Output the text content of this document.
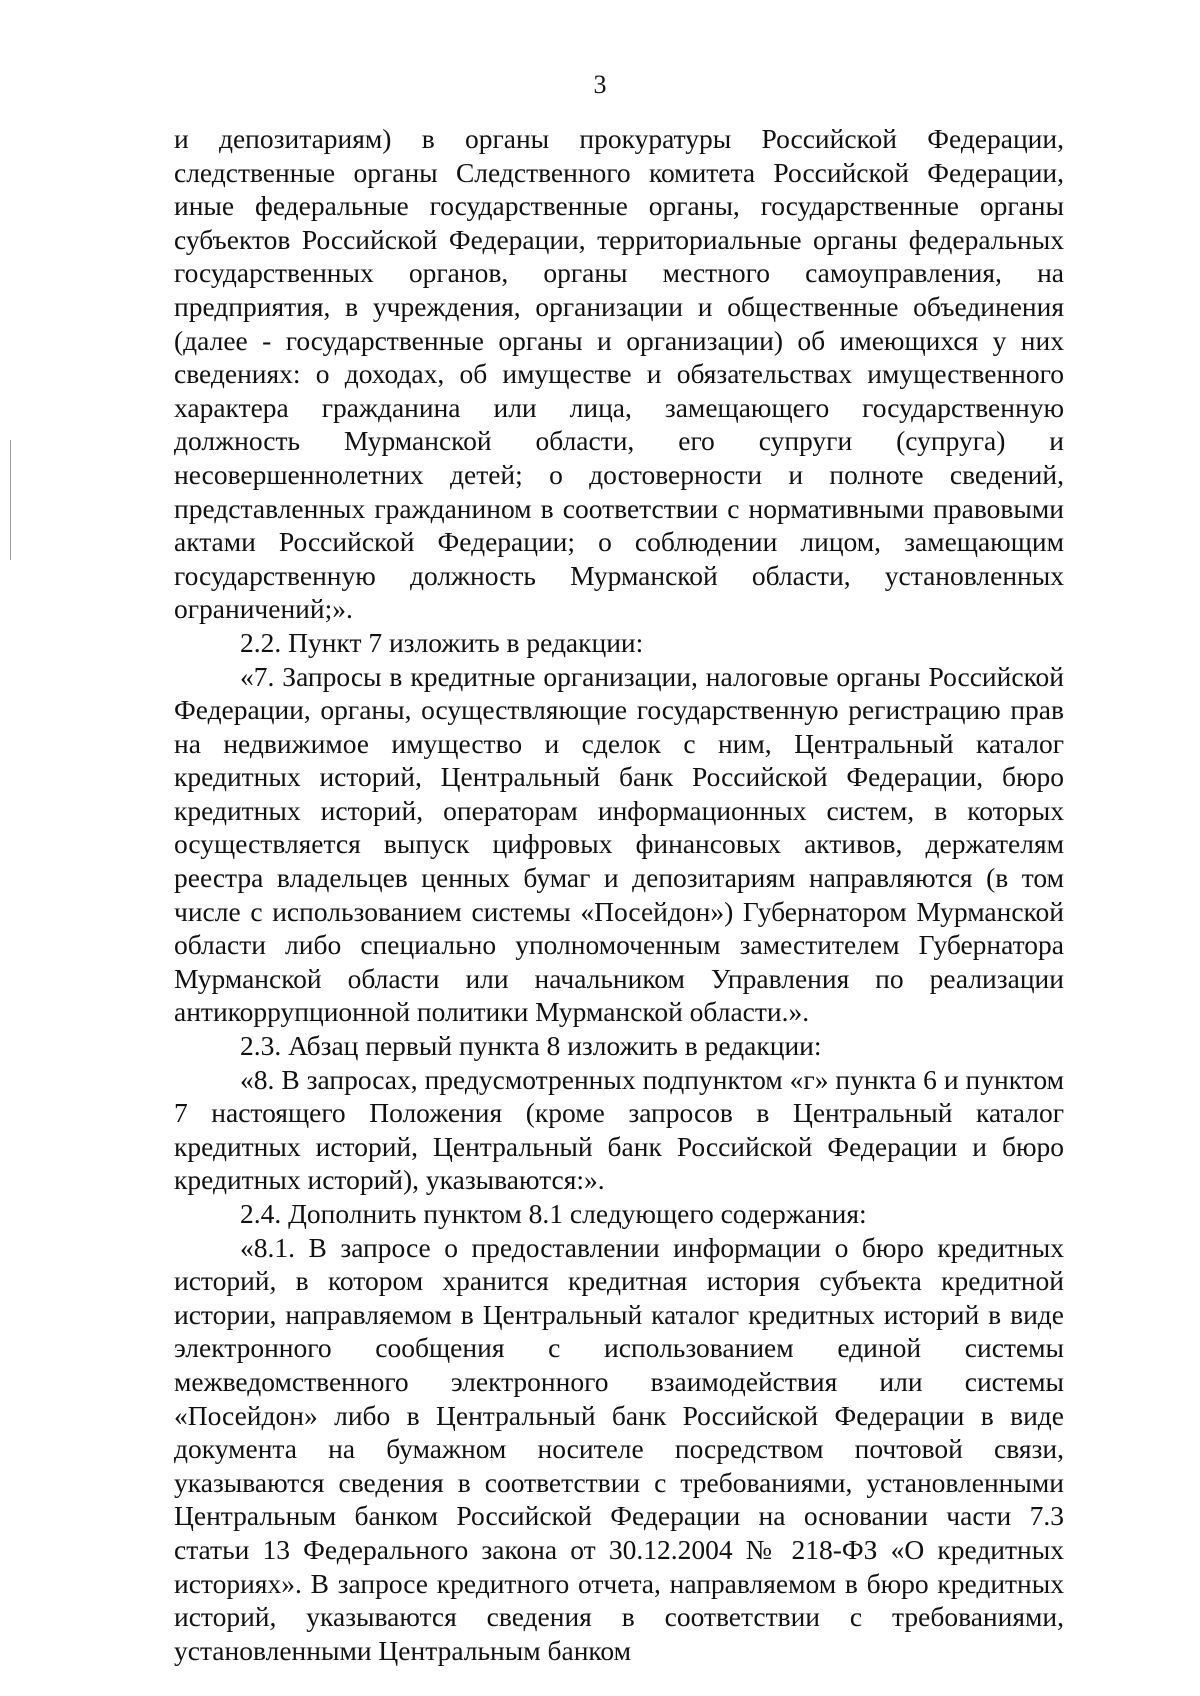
3

и депозитариям) в органы прокуратуры Российской Федерации, следственные органы Следственного комитета Российской Федерации, иные федеральные государственные органы, государственные органы субъектов Российской Федерации, территориальные органы федеральных государственных органов, органы местного самоуправления, на предприятия, в учреждения, организации и общественные объединения (далее - государственные органы и организации) об имеющихся у них сведениях: о доходах, об имуществе и обязательствах имущественного характера гражданина или лица, замещающего государственную должность Мурманской области, его супруги (супруга) и несовершеннолетних детей; о достоверности и полноте сведений, представленных гражданином в соответствии с нормативными правовыми актами Российской Федерации; о соблюдении лицом, замещающим государственную должность Мурманской области, установленных ограничений;».

2.2. Пункт 7 изложить в редакции:

«7. Запросы в кредитные организации, налоговые органы Российской Федерации, органы, осуществляющие государственную регистрацию прав на недвижимое имущество и сделок с ним, Центральный каталог кредитных историй, Центральный банк Российской Федерации, бюро кредитных историй, операторам информационных систем, в которых осуществляется выпуск цифровых финансовых активов, держателям реестра владельцев ценных бумаг и депозитариям направляются (в том числе с использованием системы «Посейдон») Губернатором Мурманской области либо специально уполномоченным заместителем Губернатора Мурманской области или начальником Управления по реализации антикоррупционной политики Мурманской области.».

2.3. Абзац первый пункта 8 изложить в редакции:

«8. В запросах, предусмотренных подпунктом «г» пункта 6 и пунктом 7 настоящего Положения (кроме запросов в Центральный каталог кредитных историй, Центральный банк Российской Федерации и бюро кредитных историй), указываются:».

2.4. Дополнить пунктом 8.1 следующего содержания:

«8.1. В запросе о предоставлении информации о бюро кредитных историй, в котором хранится кредитная история субъекта кредитной истории, направляемом в Центральный каталог кредитных историй в виде электронного сообщения с использованием единой системы межведомственного электронного взаимодействия или системы «Посейдон» либо в Центральный банк Российской Федерации в виде документа на бумажном носителе посредством почтовой связи, указываются сведения в соответствии с требованиями, установленными Центральным банком Российской Федерации на основании части 7.3 статьи 13 Федерального закона от 30.12.2004 № 218-ФЗ «О кредитных историях». В запросе кредитного отчета, направляемом в бюро кредитных историй, указываются сведения в соответствии с требованиями, установленными Центральным банком
